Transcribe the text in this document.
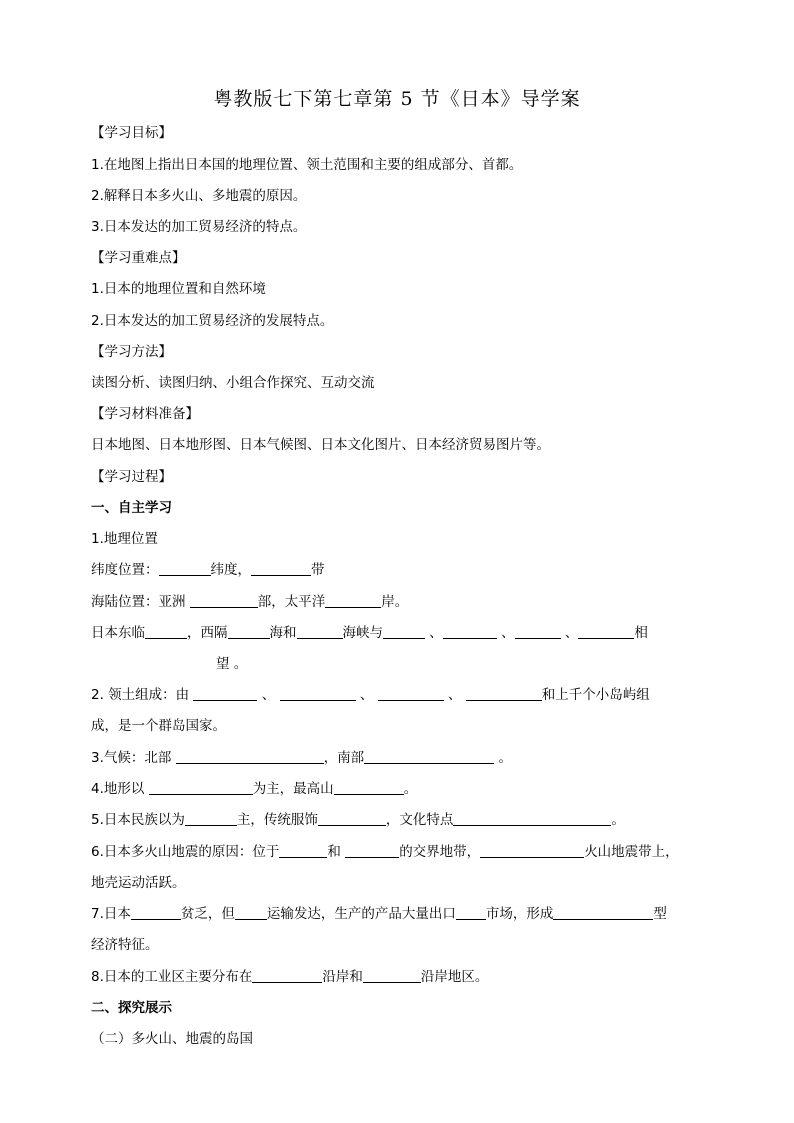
粤教版七下第七章第 5 节《日本》导学案
【学习目标】
1.在地图上指出日本国的地理位置、领土范围和主要的组成部分、首都。
2.解释日本多火山、多地震的原因。
3.日本发达的加工贸易经济的特点。
【学习重难点】
1.日本的地理位置和自然环境
2.日本发达的加工贸易经济的发展特点。
【学习方法】
读图分析、读图归纳、小组合作探究、互动交流
【学习材料准备】
日本地图、日本地形图、日本气候图、日本文化图片、日本经济贸易图片等。
【学习过程】
一、自主学习
1.地理位置
纬度位置：	纬度，	带
海陆位置：亚洲	部，太平洋	岸。
日本东临	，西隔	海和	海峡与	、	、	、	相
望 。
2. 领土组成：由	、	、	、	和上千个小岛屿组
成，是一个群岛国家。
3.气候：北部	，南部	。
4.地形以	为主，最高山	。
5.日本民族以为	主，传统服饰	，文化特点	。
6.日本多火山地震的原因：位于	和	的交界地带，	火山地震带上，
地壳运动活跃。
7.日本	贫乏，但 运输发达，生产的产品大量出口 市场，形成	型
经济特征。
8.日本的工业区主要分布在	沿岸和	沿岸地区。
二、探究展示
（二）多火山、地震的岛国
